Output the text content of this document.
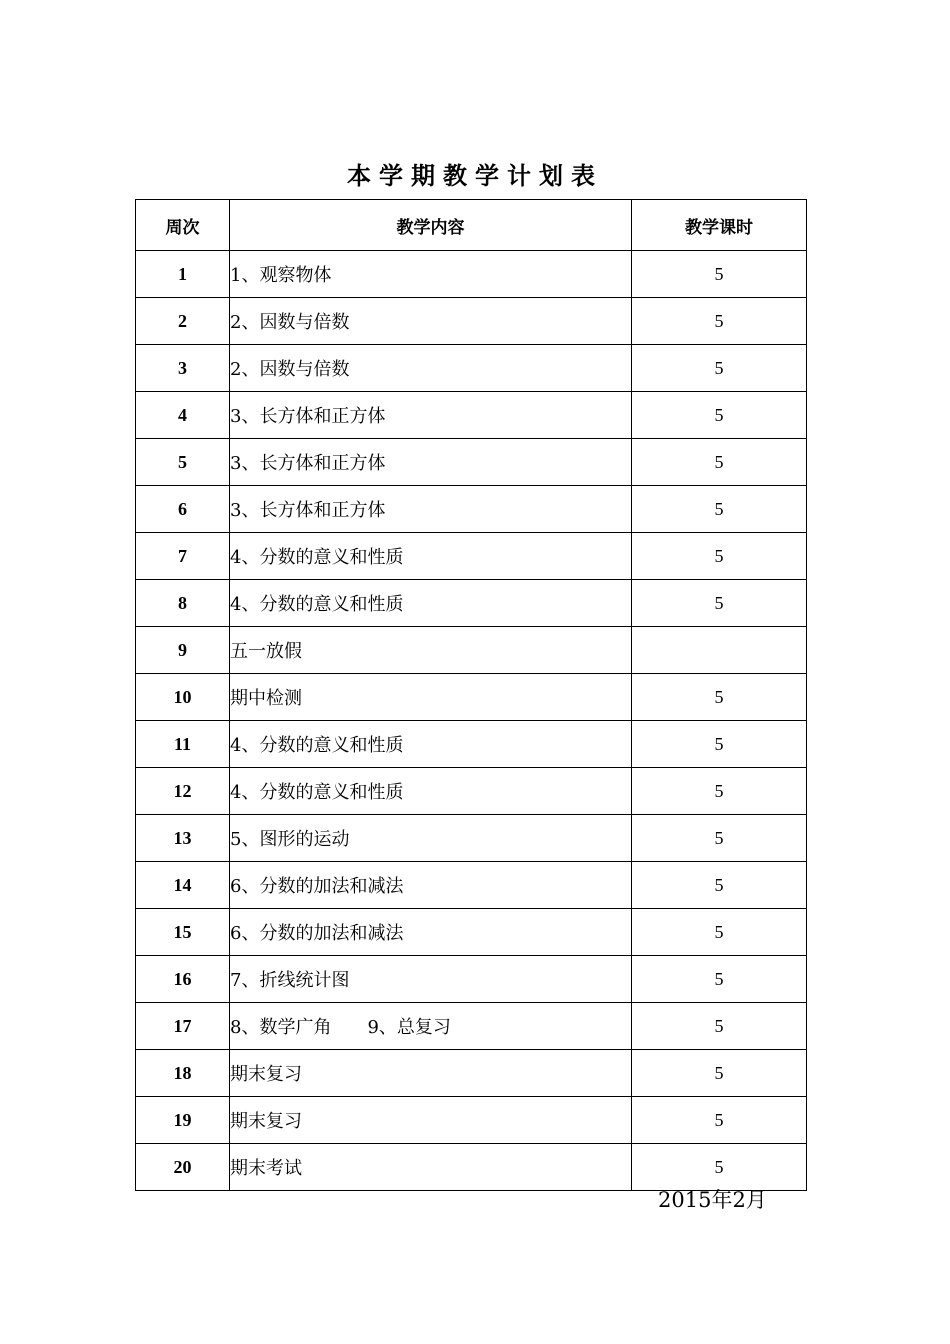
本学期教学计划表
周次	教学内容	教学课时
1	1、观察物体	5
2	2、因数与倍数	5
3	2、因数与倍数	5
4	3、长方体和正方体	5
5	3、长方体和正方体	5
6	3、长方体和正方体	5
7	4、分数的意义和性质	5
8	4、分数的意义和性质	5
9	五一放假	
10	期中检测	5
11	4、分数的意义和性质	5
12	4、分数的意义和性质	5
13	5、图形的运动	5
14	6、分数的加法和减法	5
15	6、分数的加法和减法	5
16	7、折线统计图	5
17	8、数学广角　　9、总复习	5
18	期末复习	5
19	期末复习	5
20	期末考试	5
2015年2月
